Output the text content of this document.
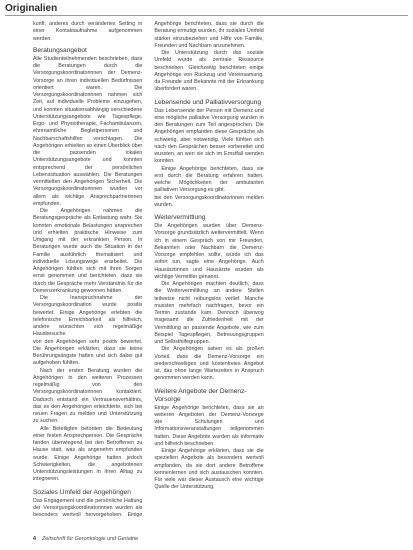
Originalien

kunft, anderes durch verändertes Setting in einer Kontaktaufnahme aufgenommen werden.

Beratungsangebot

Alle Studienteilnehmenden beschrieben, dass die Beratungen durch die Versorgungskoordinatorinnen der Demenz-Vorsorge an ihren individuellen Bedürfnissen orientiert waren. Die Versorgungskoordinatorinnen nahmen sich Zeit, auf individuelle Probleme einzugehen, und konnten situationsabhängig verschiedene Unterstützungsangebote wie Tagespflege, Ergo- und Physiotherapie, Fachambulanzen, ehrenamtliche Begleitpersonen und Nachbarschaftshilfen vorschlagen. Die Angehörigen erhielten so einen Überblick über die passenden lokalen Unterstützungsangebote und konnten entsprechend der persönlichen Lebenssituation auswählen. Die Beratungen vermittelten den Angehörigen Sicherheit. Die Versorgungskoordinatorinnen wurden vor allem als wichtige Ansprechpartnerinnen empfunden.

Die Angehörigen nahmen die Beratungsgespräche als Entlastung wahr. Sie konnten emotionale Belastungen ansprechen und erhielten praktische Hinweise zum Umgang mit der erkrankten Person. In Beratungen wurde auch die Situation in der Familie ausführlich thematisiert und individuelle Lösungswege erarbeitet. Die Angehörigen fühlten sich mit ihren Sorgen ernst genommen und berichteten, dass sie durch die Gespräche mehr Verständnis für die Demenzerkrankung gewonnen hätten.

Die Inanspruchnahme der Versorgungskoordination wurde positiv bewertet. Einige Angehörige erlebten die telefonische Erreichbarkeit als hilfreich, andere wünschten sich regelmäßige Hausbesuche.

von den Angehörigen sehr positiv bewertet. Die Angehörigen erklärten, dass sie keine Berührungsängste hatten und sich dabei gut aufgehoben fühlten.

Nach der ersten Beratung wurden die Angehörigen in den weiteren Prozessen regelmäßig von den Versorgungskoordinatorinnen kontaktiert. Dadurch entstand ein Vertrauensverhältnis, das es den Angehörigen erleichterte, sich bei neuen Fragen zu melden und Unterstützung zu suchen.

Alle Beteiligten betonten die Bedeutung einer festen Ansprechperson. Die Gespräche fanden überwiegend bei den Betroffenen zu Hause statt, was als angenehm empfunden wurde. Einige Angehörige hatten jedoch Schwierigkeiten, die angebotenen Unterstützungsleistungen in ihren Alltag zu integrieren.

Soziales Umfeld der Angehörigen

Das Engagement und die persönliche Haltung der Versorgungskoordinatorinnen wurden als besonders wertvoll hervorgehoben. Einige Angehörige berichteten, dass sie durch die Beratung ermutigt wurden, ihr soziales Umfeld stärker einzubeziehen und Hilfe von Familie, Freunden und Nachbarn anzunehmen.

Die Unterstützung durch das soziale Umfeld wurde als zentrale Ressource beschrieben. Gleichzeitig berichteten einige Angehörige von Rückzug und Vereinsamung, da Freunde und Bekannte mit der Erkrankung überfordert waren.

Lebensende und Palliativversorgung

Das Lebensende der Person mit Demenz und eine mögliche palliative Versorgung wurden in den Beratungen zum Teil angesprochen. Die Angehörigen empfanden diese Gespräche als schwierig, aber notwendig. Viele fühlten sich nach den Gesprächen besser vorbereitet und wussten, an wen sie sich im Ernstfall wenden konnten.

Einige Angehörige berichteten, dass sie erst durch die Beratung erfahren hatten, welche Möglichkeiten der ambulanten palliativen Versorgung es gibt.

bei den Versorgungskoordinatorinnen melden wurden.

Weitervermittlung

Die Angehörigen wurden über Demenz-Vorsorge grundsätzlich weitervermittelt. Wenn ich in einem Gespräch von mir Freunden, Bekannten oder Nachbarn die Demenz-Vorsorge empfehlen sollte, würde ich das sofort tun, sagte eine Angehörige. Auch Hausärztinnen und Hausärzte wurden als wichtige Vermittler genannt.

Die Angehörigen machten deutlich, dass die Weitervermittlung an andere Stellen teilweise nicht reibungslos verlief. Manche mussten mehrfach nachfragen, bevor ein Termin zustande kam. Dennoch überwog insgesamt die Zufriedenheit mit der Vermittlung an passende Angebote, wie zum Beispiel Tagespflegen, Betreuungsgruppen und Selbsthilfegruppen.

Die Angehörigen sahen es als großen Vorteil, dass die Demenz-Vorsorge ein niederschwelliges und kostenfreies Angebot ist, das ohne lange Wartezeiten in Anspruch genommen werden kann.

Weitere Angebote der Demenz-Vorsorge

Einige Angehörige berichteten, dass sie an weiteren Angeboten der Demenz-Vorsorge wie Schulungen und Informationsveranstaltungen teilgenommen hatten. Diese Angebote wurden als informativ und hilfreich beschrieben.

Einige Angehörige erklärten, dass sie die speziellen Angebote als besonders wertvoll empfanden, da sie dort andere Betroffene kennenlernen und sich austauschen konnten. Für viele war dieser Austausch eine wichtige Quelle der Unterstützung.

4 Zeitschrift für Gerontologie und Geriatrie
